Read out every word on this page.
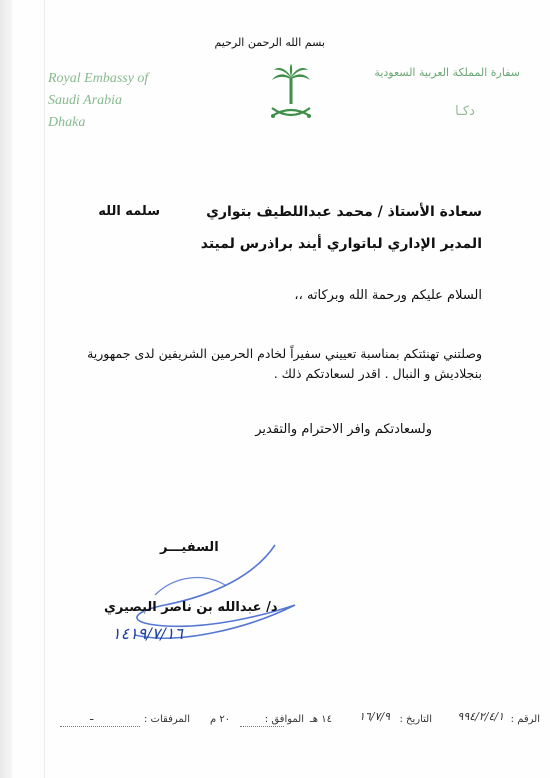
بسم الله الرحمن الرحيم
Royal Embassy of
Saudi Arabia
Dhaka
سفارة المملكة العربية السعودية
دكـا
سعادة الأستاذ / محمد عبداللطيف بتواري
سلمه الله
المدير الإداري لباتواري أيند براذرس لميتد
السلام عليكم ورحمة الله وبركاته ،،
وصلتني تهنئتكم بمناسبة تعييني سفيراً لخادم الحرمين الشريفين لدى جمهورية
بنجلاديش و النبال . اقدر لسعادتكم ذلك .
ولسعادتكم وافر الاحترام والتقدير
السفيـــر
د/ عبدالله بن ناصر البصيري
١٤١٩/٧/١٦
الرقم :
٩٩٤/٢/٤/١
التاريخ :
١٦/٧/٩
١٤ هـ
الموافق :
٢٠ م
المرفقات :
ـ
